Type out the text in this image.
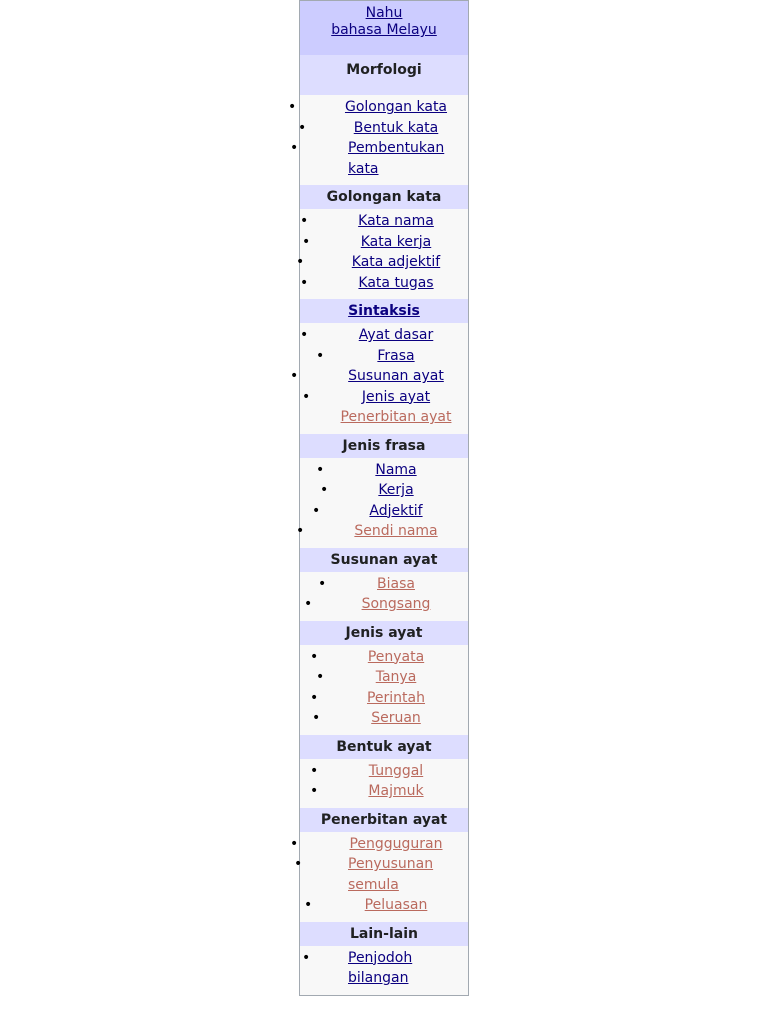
Nahu
bahasa Melayu
Morfologi
•	Golongan kata
•	Bentuk kata
•	Pembentukan kata
Golongan kata
•	Kata nama
•	Kata kerja
•	Kata adjektif
•	Kata tugas
Sintaksis
•	Ayat dasar
•	Frasa
•	Susunan ayat
•	Jenis ayat
Penerbitan ayat
Jenis frasa
•	Nama
•	Kerja
•	Adjektif
•	Sendi nama
Susunan ayat
•	Biasa
•	Songsang
Jenis ayat
•	Penyata
•	Tanya
•	Perintah
•	Seruan
Bentuk ayat
•	Tunggal
•	Majmuk
Penerbitan ayat
•	Pengguguran
•	Penyusunan semula
•	Peluasan
Lain-lain
•	Penjodoh bilangan
